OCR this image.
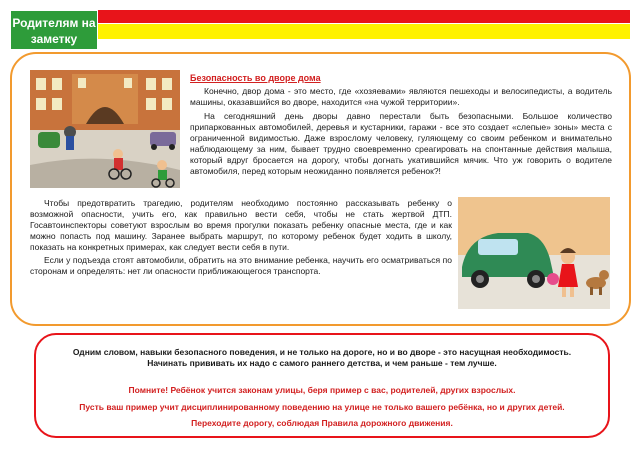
Родителям на
заметку

Безопасность во дворе дома

Конечно, двор дома - это место, где «хозяевами» являются пешеходы и велосипедисты, а водитель машины, оказавшийся во дворе, находится «на чужой территории».

На сегодняшний день дворы давно перестали быть безопасными. Большое количество припаркованных автомобилей, деревья и кустарники, гаражи - все это создает «слепые» зоны» места с ограниченной видимостью. Даже взрослому человеку, гуляющему со своим ребенком и внимательно наблюдающему за ним, бывает трудно своевременно среагировать на спонтанные действия малыша, который вдруг бросается на дорогу, чтобы догнать укатившийся мячик. Что уж говорить о водителе автомобиля, перед которым неожиданно появляется ребенок?!

Чтобы предотвратить трагедию, родителям необходимо постоянно рассказывать ребенку о возможной опасности, учить его, как правильно вести себя, чтобы не стать жертвой ДТП. Госавтоинспекторы советуют взрослым во время прогулки показать ребенку опасные места, где и как можно попасть под машину. Заранее выбрать маршрут, по которому ребенок будет ходить в школу, показать на конкретных примерах, как следует вести себя в пути.

Если у подъезда стоят автомобили, обратить на это внимание ребенка, научить его осматриваться по сторонам и определять: нет ли опасности приближающегося транспорта.

Одним словом, навыки безопасного поведения, и не только на дороге, но и во дворе - это насущная необходимость.

Начинать прививать их надо с самого раннего детства, и чем раньше - тем лучше.

Помните! Ребёнок учится законам улицы, беря пример с вас, родителей, других взрослых.

Пусть ваш пример учит дисциплинированному поведению на улице не только вашего ребёнка, но и других детей.

Переходите дорогу, соблюдая Правила дорожного движения.
